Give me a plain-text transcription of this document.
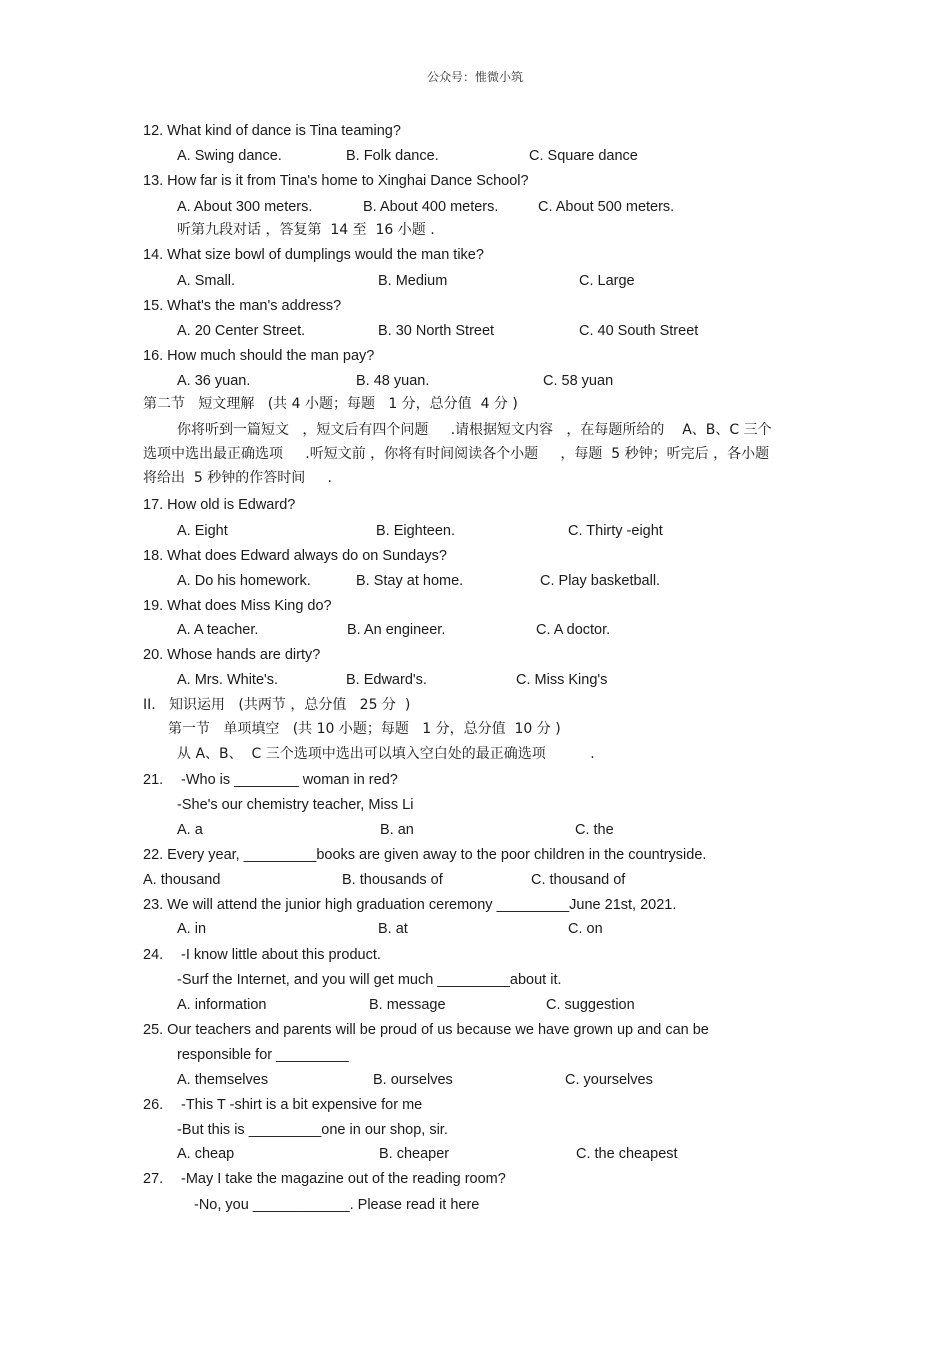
公众号：惟微小筑
12. What kind of dance is Tina teaming?
A. Swing dance.	B. Folk dance.	C. Square dance
13. How far is it from Tina's home to Xinghai Dance School?
A. About 300 meters.	B. About 400 meters.	C. About 500 meters.
听第九段对话 ，答复第  14 至  16 小题 .
14. What size bowl of dumplings would the man tike?
A. Small.	B. Medium	C. Large
15. What's the man's address?
A. 20 Center Street.	B. 30 North Street	C. 40 South Street
16. How much should the man pay?
A. 36 yuan.	B. 48 yuan.	C. 58 yuan
第二节   短文理解   (共 4 小题；每题   1 分，总分值  4 分 )
你将听到一篇短文   ，短文后有四个问题     .请根据短文内容   ，在每题所给的    A、B、C 三个
选项中选出最正确选项     .听短文前 ，你将有时间阅读各个小题     ，每题  5 秒钟；听完后 ，各小题
将给出  5 秒钟的作答时间     .
17. How old is Edward?
A. Eight	B. Eighteen.	C. Thirty -eight
18. What does Edward always do on Sundays?
A. Do his homework.	B. Stay at home.	C. Play basketball.
19. What does Miss King do?
A. A teacher.	B. An engineer.	C. A doctor.
20. Whose hands are dirty?
A. Mrs. White's.	B. Edward's.	C. Miss King's
II.   知识运用   (共两节 ，总分值   25 分  )
第一节   单项填空   (共 10 小题；每题   1 分，总分值  10 分 )
从 A、B、  C 三个选项中选出可以填入空白处的最正确选项          .
21. -Who is ________ woman in red?
-She's our chemistry teacher, Miss Li
A. a	B. an	C. the
22. Every year, _________books are given away to the poor children in the countryside.
A. thousand	B. thousands of	C. thousand of
23. We will attend the junior high graduation ceremony _________June 21st, 2021.
A. in	B. at	C. on
24. -I know little about this product.
-Surf the Internet, and you will get much _________about it.
A. information	B. message	C. suggestion
25. Our teachers and parents will be proud of us because we have grown up and can be
responsible for _________
A. themselves	B. ourselves	C. yourselves
26. -This T -shirt is a bit expensive for me
-But this is _________one in our shop, sir.
A. cheap	B. cheaper	C. the cheapest
27. -May I take the magazine out of the reading room?
-No, you ____________. Please read it here
